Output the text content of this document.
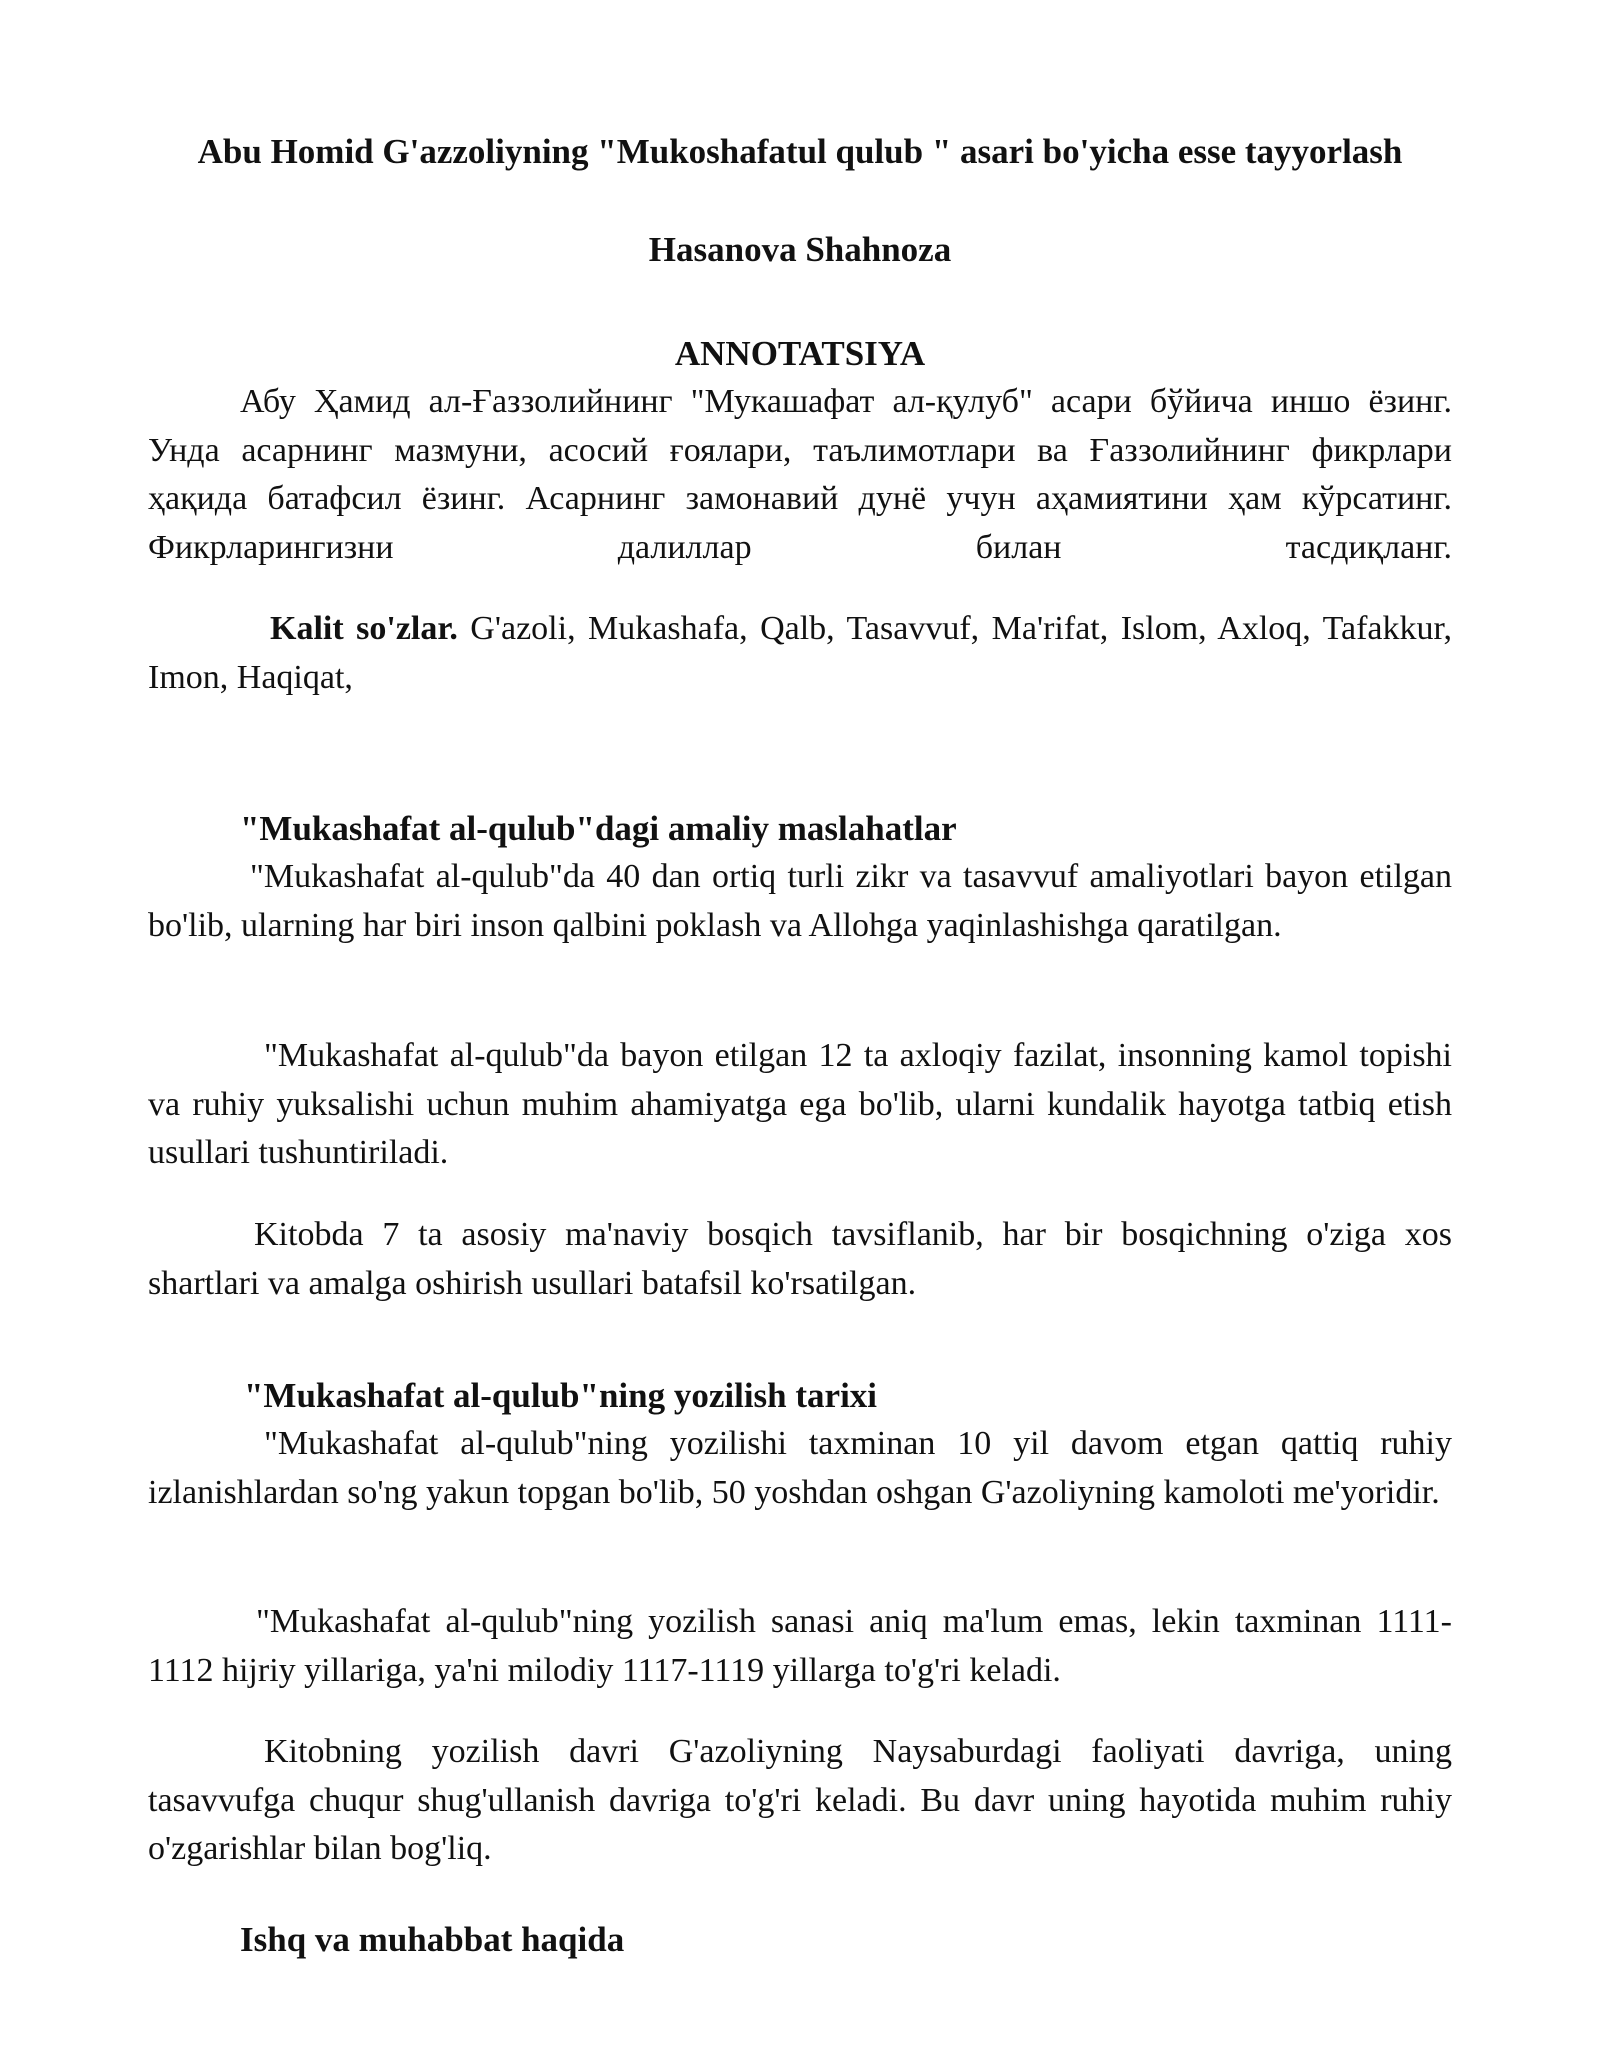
Abu Homid G'azzoliyning "Mukoshafatul qulub " asari bo'yicha esse tayyorlash
Hasanova Shahnoza
ANNOTATSIYA

Абу Ҳамид ал-Ғаззолийнинг "Мукашафат ал-қулуб" асари бўйича иншо ёзинг. Унда асарнинг мазмуни, асосий ғоялари, таълимотлари ва Ғаззолийнинг фикрлари ҳақида батафсил ёзинг. Асарнинг замонавий дунё учун аҳамиятини ҳам кўрсатинг. Фикрларингизни далиллар билан тасдиқланг.

Kalit so'zlar. G'azoli, Mukashafa, Qalb, Tasavvuf, Ma'rifat, Islom, Axloq, Tafakkur, Imon, Haqiqat,

"Mukashafat al-qulub"dagi amaliy maslahatlar

"Mukashafat al-qulub"da 40 dan ortiq turli zikr va tasavvuf amaliyotlari bayon etilgan bo'lib, ularning har biri inson qalbini poklash va Allohga yaqinlashishga qaratilgan.

"Mukashafat al-qulub"da bayon etilgan 12 ta axloqiy fazilat, insonning kamol topishi va ruhiy yuksalishi uchun muhim ahamiyatga ega bo'lib, ularni kundalik hayotga tatbiq etish usullari tushuntiriladi.

Kitobda 7 ta asosiy ma'naviy bosqich tavsiflanib, har bir bosqichning o'ziga xos shartlari va amalga oshirish usullari batafsil ko'rsatilgan.

"Mukashafat al-qulub"ning yozilish tarixi

"Mukashafat al-qulub"ning yozilishi taxminan 10 yil davom etgan qattiq ruhiy izlanishlardan so'ng yakun topgan bo'lib, 50 yoshdan oshgan G'azoliyning kamoloti me'yoridir.

"Mukashafat al-qulub"ning yozilish sanasi aniq ma'lum emas, lekin taxminan 1111-1112 hijriy yillariga, ya'ni milodiy 1117-1119 yillarga to'g'ri keladi.

Kitobning yozilish davri G'azoliyning Naysaburdagi faoliyati davriga, uning tasavvufga chuqur shug'ullanish davriga to'g'ri keladi. Bu davr uning hayotida muhim ruhiy o'zgarishlar bilan bog'liq.

Ishq va muhabbat haqida
